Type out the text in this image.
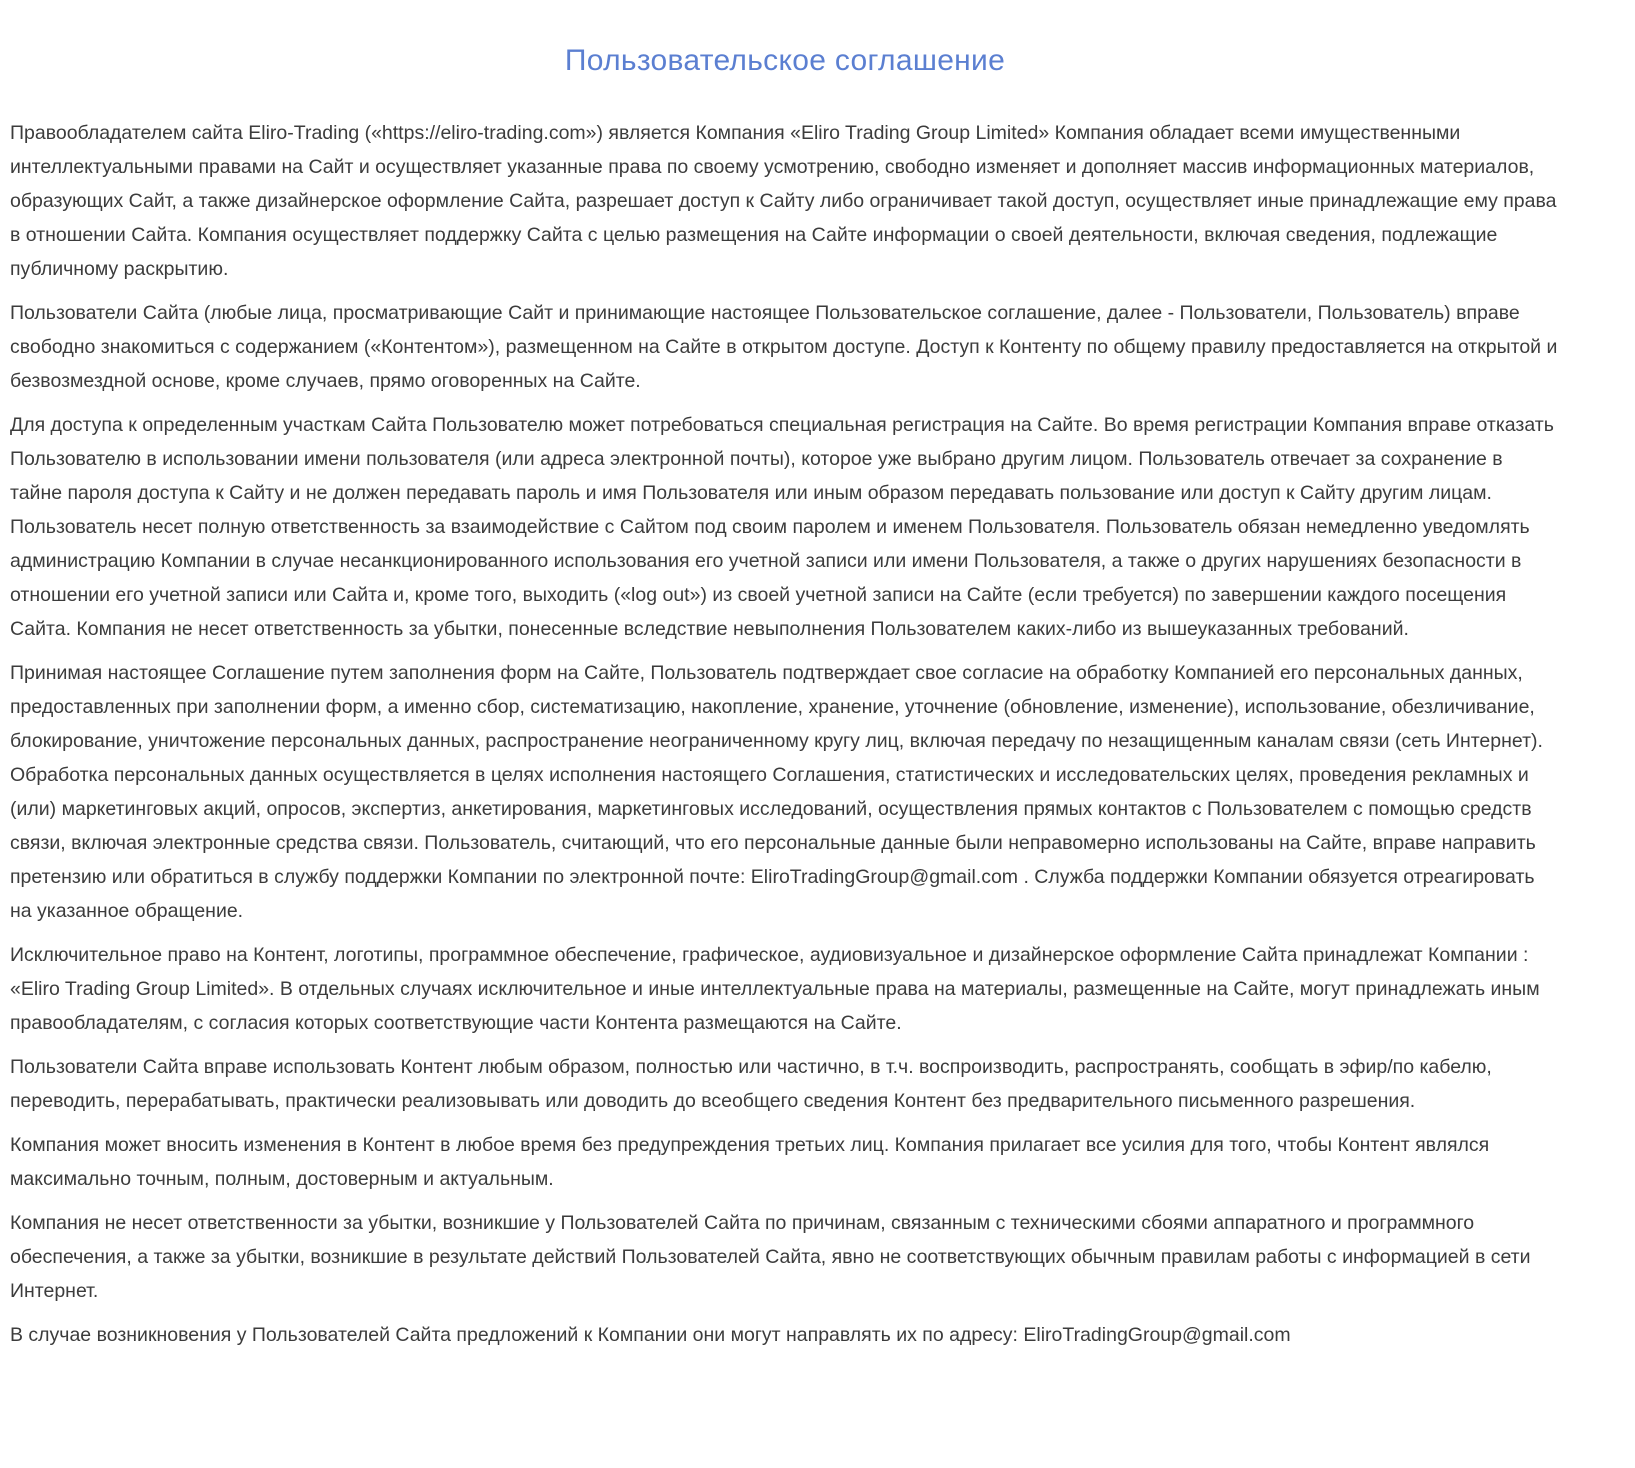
Пользовательское соглашение

Правообладателем сайта Eliro-Trading («https://eliro-trading.com») является Компания «Eliro Trading Group Limited» Компания обладает всеми имущественными интеллектуальными правами на Сайт и осуществляет указанные права по своему усмотрению, свободно изменяет и дополняет массив информационных материалов, образующих Сайт, а также дизайнерское оформление Сайта, разрешает доступ к Сайту либо ограничивает такой доступ, осуществляет иные принадлежащие ему права в отношении Сайта. Компания осуществляет поддержку Сайта с целью размещения на Сайте информации о своей деятельности, включая сведения, подлежащие публичному раскрытию.

Пользователи Сайта (любые лица, просматривающие Сайт и принимающие настоящее Пользовательское соглашение, далее - Пользователи, Пользователь) вправе свободно знакомиться с содержанием («Контентом»), размещенном на Сайте в открытом доступе. Доступ к Контенту по общему правилу предоставляется на открытой и безвозмездной основе, кроме случаев, прямо оговоренных на Сайте.

Для доступа к определенным участкам Сайта Пользователю может потребоваться специальная регистрация на Сайте. Во время регистрации Компания вправе отказать Пользователю в использовании имени пользователя (или адреса электронной почты), которое уже выбрано другим лицом. Пользователь отвечает за сохранение в тайне пароля доступа к Сайту и не должен передавать пароль и имя Пользователя или иным образом передавать пользование или доступ к Сайту другим лицам. Пользователь несет полную ответственность за взаимодействие с Сайтом под своим паролем и именем Пользователя. Пользователь обязан немедленно уведомлять администрацию Компании в случае несанкционированного использования его учетной записи или имени Пользователя, а также о других нарушениях безопасности в отношении его учетной записи или Сайта и, кроме того, выходить («log out») из своей учетной записи на Сайте (если требуется) по завершении каждого посещения Сайта. Компания не несет ответственность за убытки, понесенные вследствие невыполнения Пользователем каких-либо из вышеуказанных требований.

Принимая настоящее Соглашение путем заполнения форм на Сайте, Пользователь подтверждает свое согласие на обработку Компанией его персональных данных, предоставленных при заполнении форм, а именно сбор, систематизацию, накопление, хранение, уточнение (обновление, изменение), использование, обезличивание, блокирование, уничтожение персональных данных, распространение неограниченному кругу лиц, включая передачу по незащищенным каналам связи (сеть Интернет). Обработка персональных данных осуществляется в целях исполнения настоящего Соглашения, статистических и исследовательских целях, проведения рекламных и (или) маркетинговых акций, опросов, экспертиз, анкетирования, маркетинговых исследований, осуществления прямых контактов с Пользователем с помощью средств связи, включая электронные средства связи. Пользователь, считающий, что его персональные данные были неправомерно использованы на Сайте, вправе направить претензию или обратиться в службу поддержки Компании по электронной почте: EliroTradingGroup@gmail.com . Служба поддержки Компании обязуется отреагировать на указанное обращение.

Исключительное право на Контент, логотипы, программное обеспечение, графическое, аудиовизуальное и дизайнерское оформление Сайта принадлежат Компании : «Eliro Trading Group Limited». В отдельных случаях исключительное и иные интеллектуальные права на материалы, размещенные на Сайте, могут принадлежать иным правообладателям, с согласия которых соответствующие части Контента размещаются на Сайте.

Пользователи Сайта вправе использовать Контент любым образом, полностью или частично, в т.ч. воспроизводить, распространять, сообщать в эфир/по кабелю, переводить, перерабатывать, практически реализовывать или доводить до всеобщего сведения Контент без предварительного письменного разрешения.

Компания может вносить изменения в Контент в любое время без предупреждения третьих лиц. Компания прилагает все усилия для того, чтобы Контент являлся максимально точным, полным, достоверным и актуальным.

Компания не несет ответственности за убытки, возникшие у Пользователей Сайта по причинам, связанным с техническими сбоями аппаратного и программного обеспечения, а также за убытки, возникшие в результате действий Пользователей Сайта, явно не соответствующих обычным правилам работы с информацией в сети Интернет.

В случае возникновения у Пользователей Сайта предложений к Компании они могут направлять их по адресу: EliroTradingGroup@gmail.com
